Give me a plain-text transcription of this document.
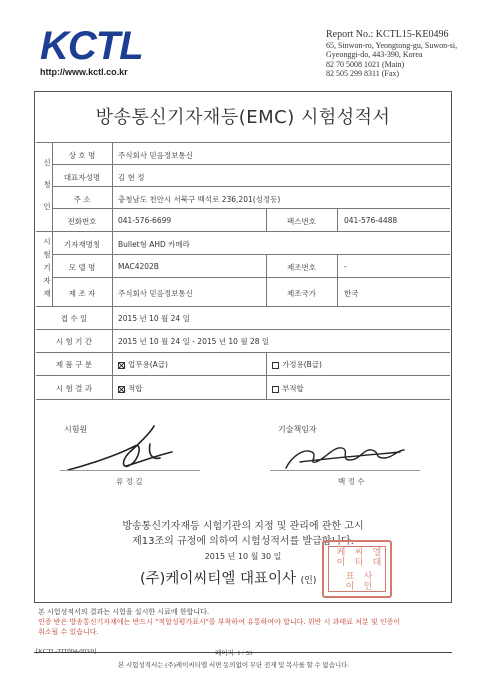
KCTL
http://www.kctl.co.kr
Report No.: KCTL15-KE0496
65, Sinwon-ro, Yeongtong-gu, Suwon-si,
Gyeonggi-do, 443-390, Korea
82 70 5008 1021 (Main)
82 505 299 8311 (Fax)
방송통신기자재등(EMC) 시험성적서
신
청
인
상 호 명	주식회사 믿음정보통신
대표자성명	김 현 정
주 소	충청남도 천안시 서북구 백석로 236,201(성정동)
전화번호	041-576-6699	팩스번호	041-576-4488
시
험
기
자
재
기자재명칭	Bullet형 AHD 카메라
모 델 명	MAC4202B	제조번호	-
제 조 자	주식회사 믿음정보통신	제조국가	한국
접 수 일	2015 년 10 월 24 일
시 험 기 간	2015 년 10 월 24 일 - 2015 년 10 월 28 일
제 품 구 분	업무용(A급)	가정용(B급)
시 험 결 과	적합	부적합
시험원	기술책임자
류 정 길	백 정 수
방송통신기자재등 시험기관의 지정 및 관리에 관한 고시
제13조의 규정에 의하여 시험성적서를 발급합니다.
2015 년 10 월 30 일
(주)케이씨티엘 대표이사 (인)
케이
씨티
엘대
표이
사인
본 시험성적서의 결과는 시험을 실시한 시료에 한합니다.
인증 받은 방송통신기자재에는 반드시 "적합성평가표시"를 부착하여 유통하여야 합니다. 위반 시 과태료 처분 및 인증이
취소될 수 있습니다.
[KCTL-TIT004-003/0]	페이지: 1 / 53
본 시험성적서는 (주)케이씨티엘 서면 동의없이 무단 전재 및 복사를 할 수 없습니다.
